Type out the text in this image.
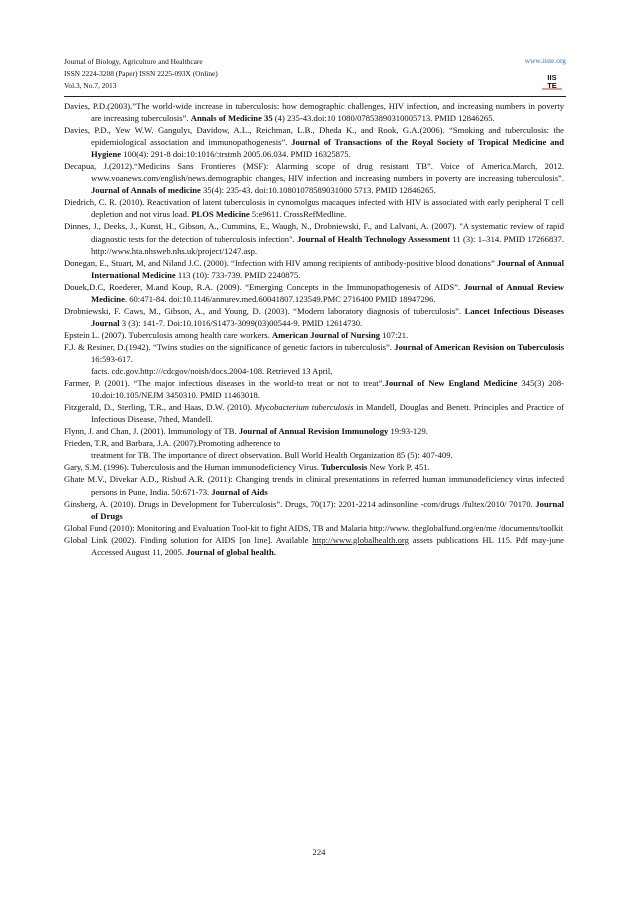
Journal of Biology, Agriculture and Healthcare
ISSN 2224-3208 (Paper) ISSN 2225-093X (Online)
Vol.3, No.7, 2013
www.iiste.org
IIS
TE

Davies, P.D.(2003).”The world-wide increase in tuberculosis: how demographic challenges, HIV infection, and increasing numbers in poverty are increasing tuberculosis”. Annals of Medicine 35 (4) 235-43.doi:10 1080/07853890310005713. PMID 12846265.

Davies, P.D., Yew W.W. Gangulyı, Davidow, A.L., Reichman, L.B., Dheda K., and Rook, G.A.(2006). “Smoking and tuberculosis: the epidemiological association and immunopathogenesis”. Journal of Transactions of the Royal Society of Tropical Medicine and Hygiene 100(4): 291-8 doi:10:1016/:trstmh 2005.06.034. PMID 16325875.

Decapua, J.(2012).“Medicins Sans Frontieres (MSF): Alarming scope of drug resistant TB”. Voice of America.March, 2012. www.voanews.com/english/news.demographic changes, HIV infection and increasing numbers in poverty are increasing tuberculosis”. Journal of Annals of medicine 35(4): 235-43. doi:10.10801078589031000 5713. PMID 12846265.

Diedrich, C. R. (2010). Reactivation of latent tuberculosis in cynomolgus macaques infected with HIV is associated with early peripheral T cell depletion and not virus load. PLOS Medicine 5:e9611. CrossRefMedline.

Dinnes, J., Deeks, J., Kunst, H., Gibson, A., Cummins, E., Waugh, N., Drobniewski, F., and Lalvani, A. (2007). "A systematic review of rapid diagnostic tests for the detection of tuberculosis infection". Journal of Health Technology Assessment 11 (3): 1–314. PMID 17266837. http://www.hta.nhsweb.nhs.uk/project/1247.asp.

Donegan, E., Stuart, M, and Niland J.C. (2000). “Infection with HIV among recipients of antibody-positive blood donations” Journal of Annual International Medicine 113 (10): 733-739. PMID 2240875.

Douek,D.C, Roederer, M.and Koup, R.A. (2009). “Emerging Concepts in the Immunopathogenesis of AIDS”. Journal of Annual Review Medicine. 60:471-84. doi:10.1146/annurev.med.60041807.123549.PMC 2716400 PMID 18947296.

Drobniewski, F. Caws, M., Gibson, A., and Young, D. (2003). “Modern laboratory diagnosis of tuberculosis”. Lancet Infectious Diseases Journal 3 (3): 141-7. Doi:10.1016/S1473-3099(03)00544-9. PMID 12614730.

Epstein L. (2007). Tuberculosis among health care workers. American Journal of Nursing 107:21.

F.J. & Resiner, D.(1942). “Twins studies on the significance of genetic factors in tuberculosis”. Journal of American Revision on Tuberculosis 16:593-617.
facts. cdc.gov.http:///cdcgov/noish/docs.2004-108. Retrieved 13 April,

Farmer, P. (2001). “The major infectious diseases in the world-to treat or not to treat”.Journal of New England Medicine 345(3) 208-10.doi:10.105/NEJM 3450310. PMID 11463018.

Fitzgerald, D., Sterling, T.R., and Haas, D.W. (2010). Mycobacterium tuberculosis in Mandell, Douglas and Benett. Principles and Practice of Infectious Disease, 7thed, Mandell.

Flynn, J. and Chan, J. (2001). Immunology of TB. Journal of Annual Revision Immunology 19:93-129.

Frieden, T.R, and Barbara, J.A. (2007).Promoting adherence to
treatment for TB. The importance of direct observation. Bull World Health Organization 85 (5): 407-409.

Gary, S.M. (1996). Tuberculosis and the Human immunodeficiency Virus. Tuberculosis New York P. 451.

Ghate M.V., Divekar A.D., Risbud A.R. (2011): Changing trends in clinical presentations in referred human immunodeficiency virus infected persons in Pune, India. 50:671-73. Journal of Aids

Ginsberg, A. (2010). Drugs in Development for Tuberculosis”. Drugs, 70(17): 2201-2214 adinsonline -com/drugs /fultex/2010/ 70170. Journal of Drugs

Global Fund (2010): Monitoring and Evaluation Tool-kit to fight AIDS, TB and Malaria http://www. theglobalfund.org/en/me /documents/toolkit

Global Link (2002). Finding solution for AIDS [on line]. Available http://www.globalhealth.org assets publications HL 115. Pdf may-june Accessed August 11, 2005. Journal of global health.

224
